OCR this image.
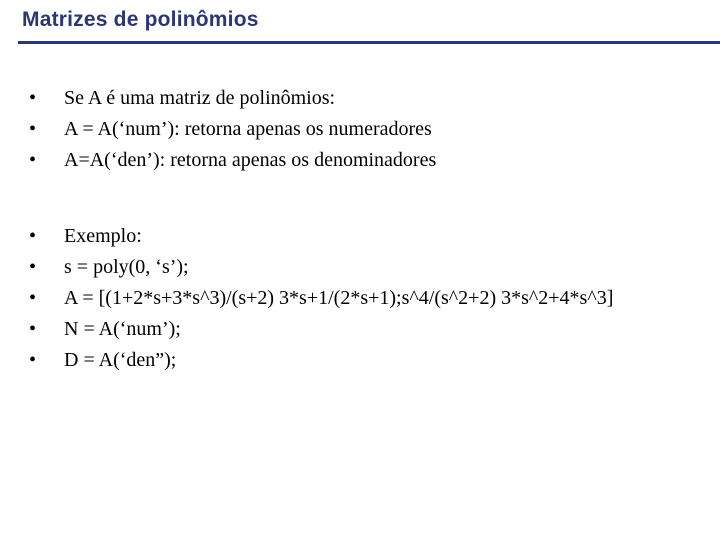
Matrizes de polinômios
• Se A é uma matriz de polinômios:
• A = A(‘num’): retorna apenas os numeradores
• A=A(‘den’): retorna apenas os denominadores
• Exemplo:
• s = poly(0, ‘s’);
• A = [(1+2*s+3*s^3)/(s+2) 3*s+1/(2*s+1);s^4/(s^2+2) 3*s^2+4*s^3]
• N = A(‘num’);
• D = A(‘den”);
